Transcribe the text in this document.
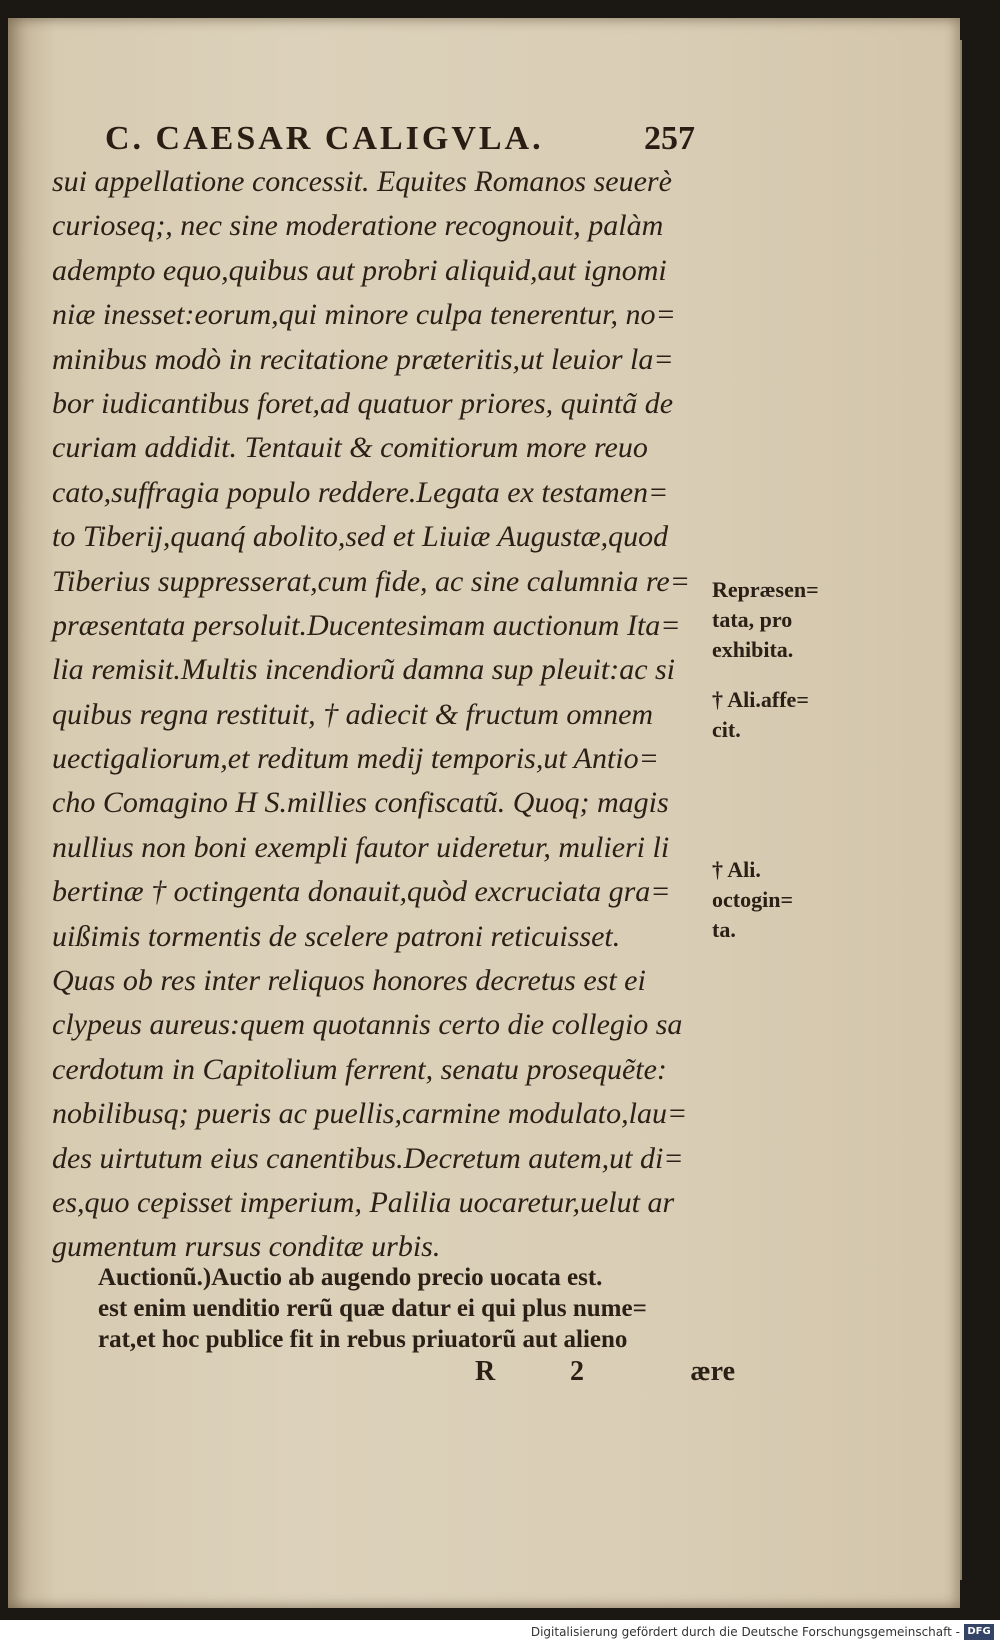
C. CAESAR CALIGVLA.	257
sui appellatione concessit. Equites Romanos seuerè
curioseq;, nec sine moderatione recognouit, palàm
adempto equo,quibus aut probri aliquid,aut ignomi
niæ inesset:eorum,qui minore culpa tenerentur, no=
minibus modò in recitatione præteritis,ut leuior la=
bor iudicantibus foret,ad quatuor priores, quintã de
curiam addidit. Tentauit & comitiorum more reuo
cato,suffragia populo reddere.Legata ex testamen=
to Tiberij,quanq́ abolito,sed et Liuiæ Augustæ,quod
Tiberius suppresserat,cum fide, ac sine calumnia re=
præsentata persoluit.Ducentesimam auctionum Ita=
lia remisit.Multis incendiorũ damna sup pleuit:ac si
quibus regna restituit, † adiecit & fructum omnem
uectigaliorum,et reditum medij temporis,ut Antio=
cho Comagino H S.millies confiscatũ. Quoq; magis
nullius non boni exempli fautor uideretur, mulieri li
bertinæ † octingenta donauit,quòd excruciata gra=
uißimis tormentis de scelere patroni reticuisset.
Quas ob res inter reliquos honores decretus est ei
clypeus aureus:quem quotannis certo die collegio sa
cerdotum in Capitolium ferrent, senatu prosequẽte:
nobilibusq; pueris ac puellis,carmine modulato,lau=
des uirtutum eius canentibus.Decretum autem,ut di=
es,quo cepisset imperium, Palilia uocaretur,uelut ar
gumentum rursus conditæ urbis.
Repræsen=
tata, pro
exhibita.
† Ali.affe=
cit.
† Ali.
octogin=
ta.
Auctionũ.)Auctio ab augendo precio uocata est.
est enim uenditio rerũ quæ datur ei qui plus nume=
rat,et hoc publice fit in rebus priuatorũ aut alieno
R	2	ære
Digitalisierung gefördert durch die Deutsche Forschungsgemeinschaft - DFG
